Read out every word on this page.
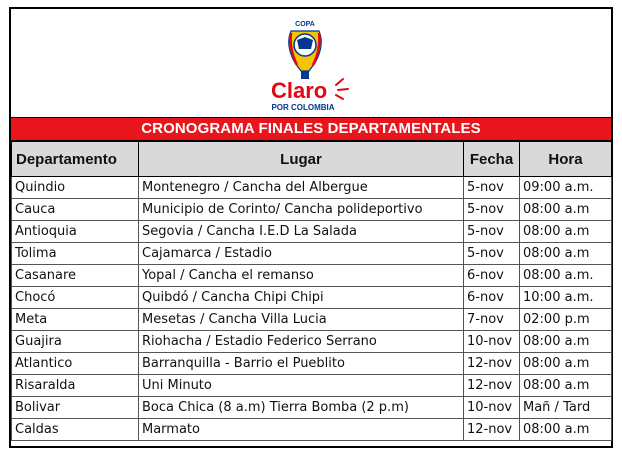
COPA
Claro
POR COLOMBIA
CRONOGRAMA FINALES DEPARTAMENTALES
Departamento	Lugar	Fecha	Hora
Quindio	Montenegro / Cancha del Albergue	5-nov	09:00 a.m.
Cauca	Municipio de Corinto/ Cancha polideportivo	5-nov	08:00 a.m
Antioquia	Segovia / Cancha I.E.D La Salada	5-nov	08:00 a.m
Tolima	Cajamarca / Estadio	5-nov	08:00 a.m
Casanare	Yopal / Cancha el remanso	6-nov	08:00 a.m.
Chocó	Quibdó / Cancha Chipi Chipi	6-nov	10:00 a.m.
Meta	Mesetas / Cancha Villa Lucia	7-nov	02:00 p.m
Guajira	Riohacha / Estadio Federico Serrano	10-nov	08:00 a.m
Atlantico	Barranquilla - Barrio el Pueblito	12-nov	08:00 a.m
Risaralda	Uni Minuto	12-nov	08:00 a.m
Bolivar	Boca Chica (8 a.m) Tierra Bomba (2 p.m)	10-nov	Mañ / Tard
Caldas	Marmato	12-nov	08:00 a.m
